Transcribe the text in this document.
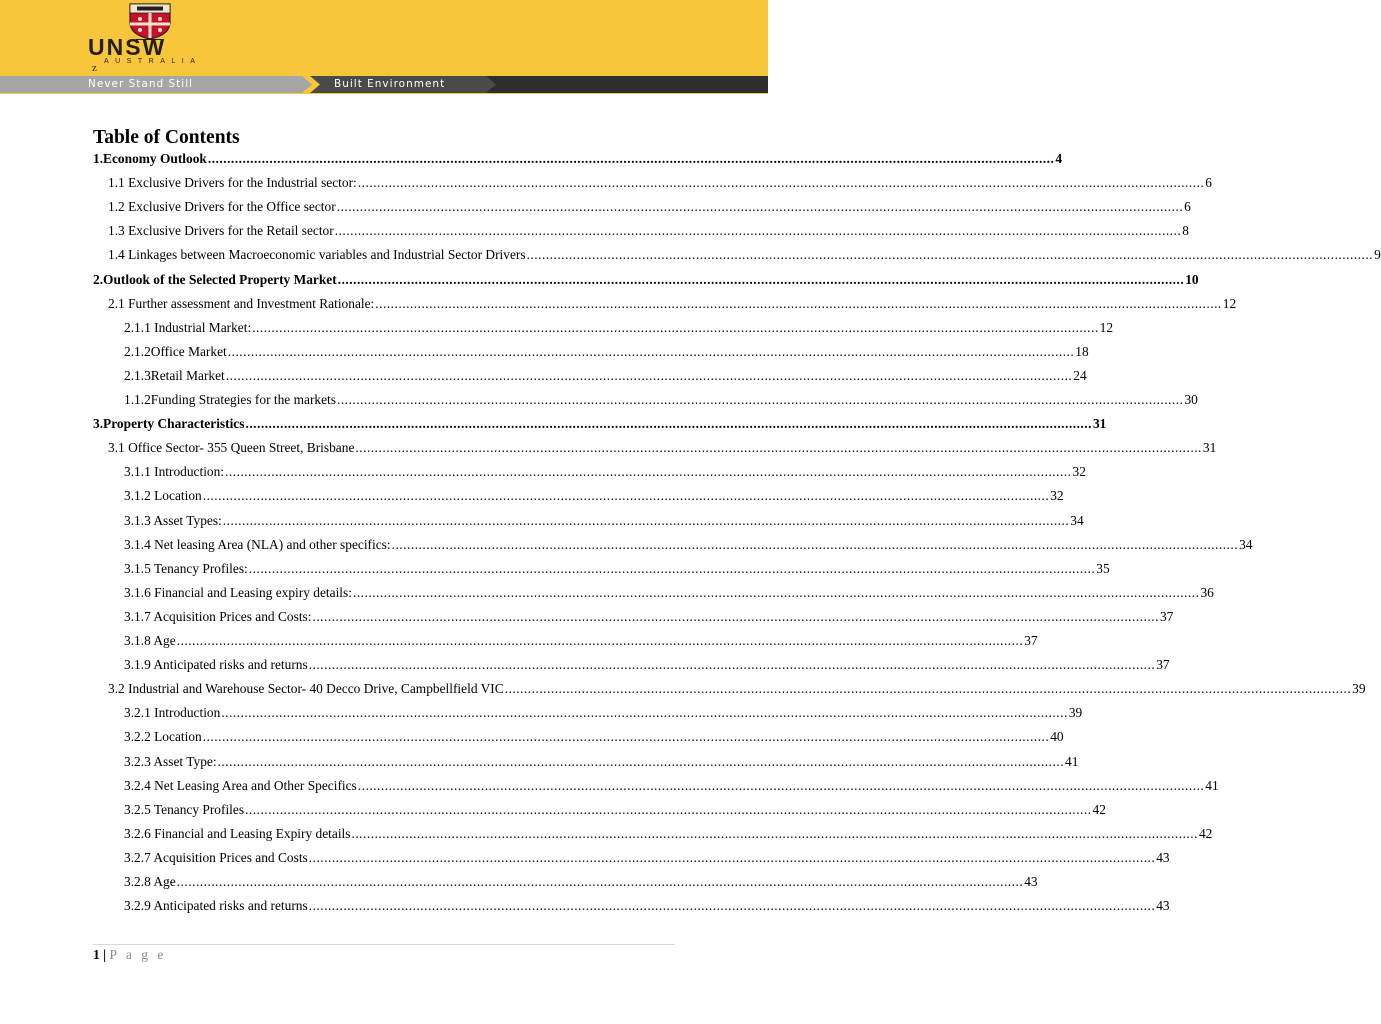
UNSW
AUSTRALIA
z
Never Stand Still	Built Environment
Table of Contents
1. Economy Outlook ............................................................................................................................................................................................................................ 4
1.1 Exclusive Drivers for the Industrial sector: ............................................................................................................................................................................................................................ 6
1.2 Exclusive Drivers for the Office sector ............................................................................................................................................................................................................................ 6
1.3 Exclusive Drivers for the Retail sector ............................................................................................................................................................................................................................ 8
1.4 Linkages between Macroeconomic variables and Industrial Sector Drivers ............................................................................................................................................................................................................................ 9
2. Outlook of the Selected Property Market ............................................................................................................................................................................................................................ 10
2.1 Further assessment and Investment Rationale: ............................................................................................................................................................................................................................ 12
2.1.1 Industrial Market: ............................................................................................................................................................................................................................ 12
2.1.2 Office Market ............................................................................................................................................................................................................................ 18
2.1.3 Retail Market ............................................................................................................................................................................................................................ 24
1.1.2 Funding Strategies for the markets ............................................................................................................................................................................................................................ 30
3.Property Characteristics ............................................................................................................................................................................................................................ 31
3.1 Office Sector- 355 Queen Street, Brisbane ............................................................................................................................................................................................................................ 31
3.1.1 Introduction: ............................................................................................................................................................................................................................ 32
3.1.2 Location ............................................................................................................................................................................................................................ 32
3.1.3 Asset Types: ............................................................................................................................................................................................................................ 34
3.1.4 Net leasing Area (NLA) and other specifics: ............................................................................................................................................................................................................................ 34
3.1.5 Tenancy Profiles: ............................................................................................................................................................................................................................ 35
3.1.6 Financial and Leasing expiry details: ............................................................................................................................................................................................................................ 36
3.1.7 Acquisition Prices and Costs: ............................................................................................................................................................................................................................ 37
3.1.8 Age ............................................................................................................................................................................................................................ 37
3.1.9 Anticipated risks and returns ............................................................................................................................................................................................................................ 37
3.2 Industrial and Warehouse Sector- 40 Decco Drive, Campbellfield VIC ............................................................................................................................................................................................................................ 39
3.2.1 Introduction ............................................................................................................................................................................................................................ 39
3.2.2 Location ............................................................................................................................................................................................................................ 40
3.2.3 Asset Type: ............................................................................................................................................................................................................................ 41
3.2.4 Net Leasing Area and Other Specifics ............................................................................................................................................................................................................................ 41
3.2.5 Tenancy Profiles ............................................................................................................................................................................................................................ 42
3.2.6 Financial and Leasing Expiry details ............................................................................................................................................................................................................................ 42
3.2.7 Acquisition Prices and Costs ............................................................................................................................................................................................................................ 43
3.2.8 Age ............................................................................................................................................................................................................................ 43
3.2.9 Anticipated risks and returns ............................................................................................................................................................................................................................ 43
1 | P a g e
